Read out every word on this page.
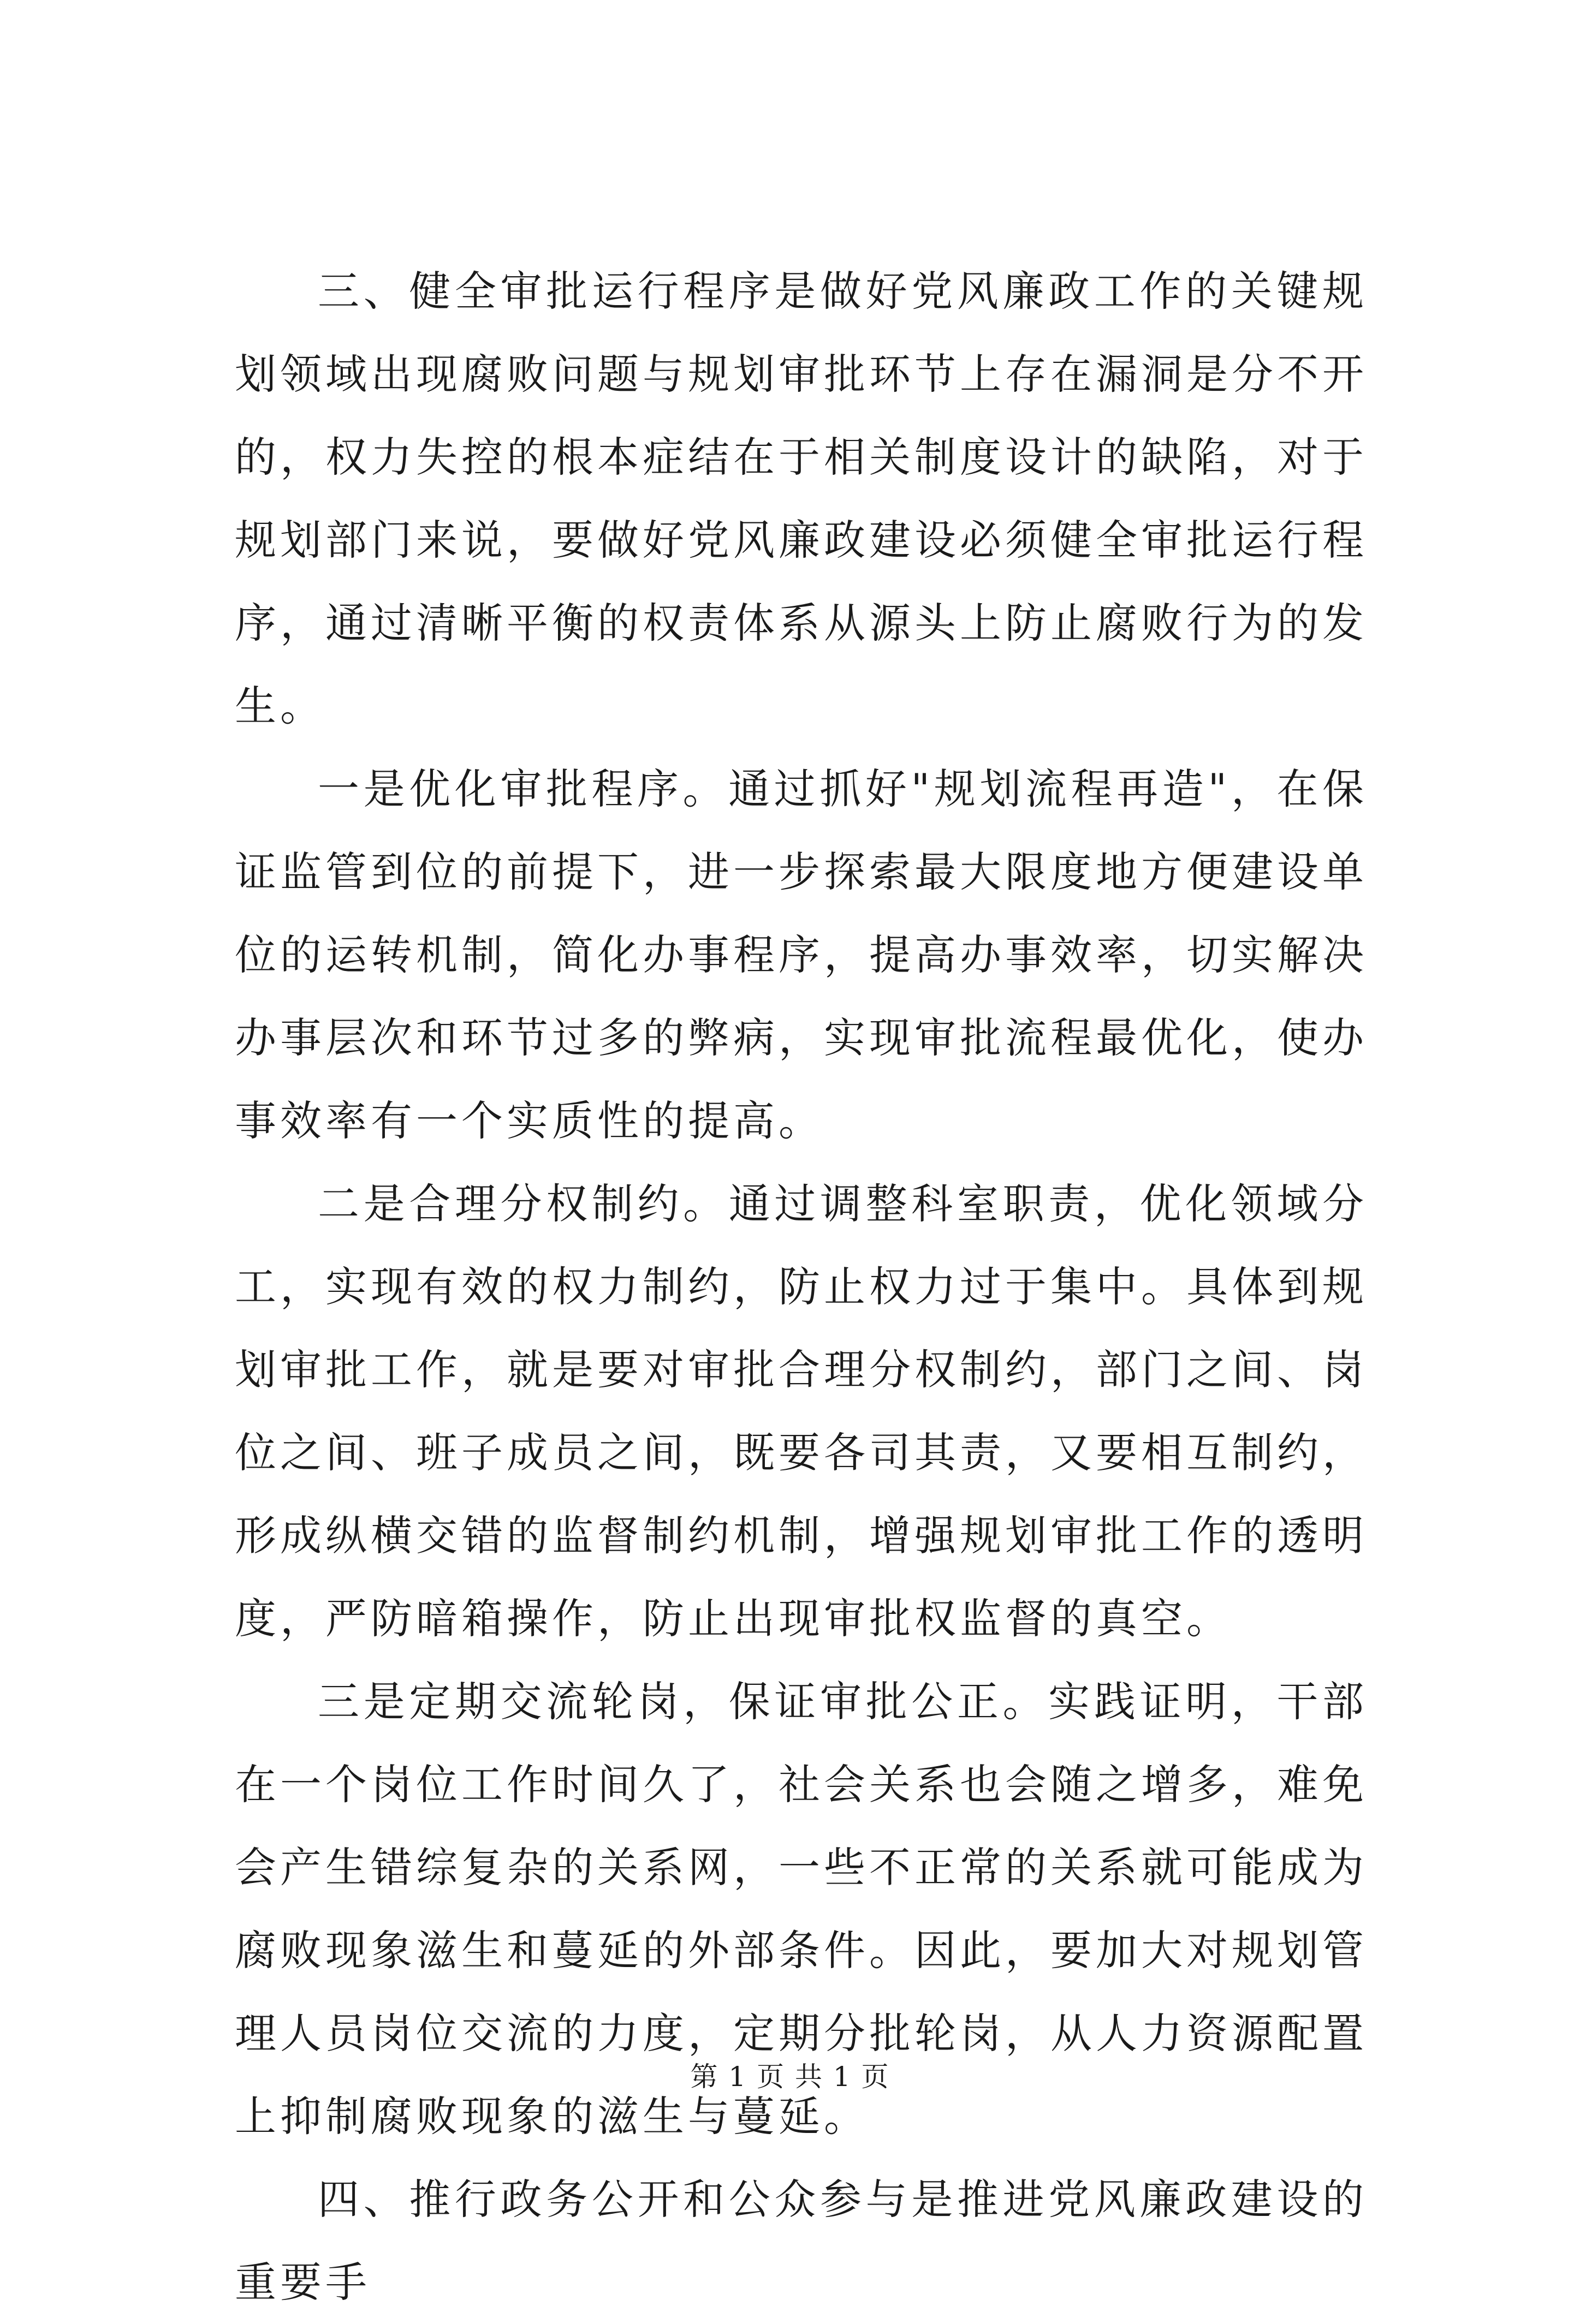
三、健全审批运行程序是做好党风廉政工作的关键规划领域出现腐败问题与规划审批环节上存在漏洞是分不开的，权力失控的根本症结在于相关制度设计的缺陷，对于规划部门来说，要做好党风廉政建设必须健全审批运行程序，通过清晰平衡的权责体系从源头上防止腐败行为的发生。

一是优化审批程序。通过抓好"规划流程再造"，在保证监管到位的前提下，进一步探索最大限度地方便建设单位的运转机制，简化办事程序，提高办事效率，切实解决办事层次和环节过多的弊病，实现审批流程最优化，使办事效率有一个实质性的提高。

二是合理分权制约。通过调整科室职责，优化领域分工，实现有效的权力制约，防止权力过于集中。具体到规划审批工作，就是要对审批合理分权制约，部门之间、岗位之间、班子成员之间，既要各司其责，又要相互制约，形成纵横交错的监督制约机制，增强规划审批工作的透明度，严防暗箱操作，防止出现审批权监督的真空。

三是定期交流轮岗，保证审批公正。实践证明，干部在一个岗位工作时间久了，社会关系也会随之增多，难免会产生错综复杂的关系网，一些不正常的关系就可能成为腐败现象滋生和蔓延的外部条件。因此，要加大对规划管理人员岗位交流的力度，定期分批轮岗，从人力资源配置上抑制腐败现象的滋生与蔓延。

四、推行政务公开和公众参与是推进党风廉政建设的重要手

第 1 页 共 1 页
